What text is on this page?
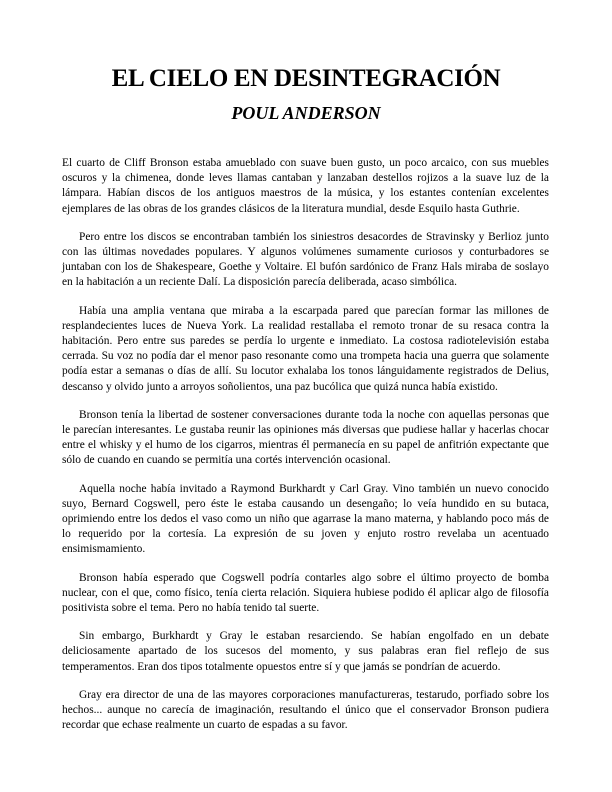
EL CIELO EN DESINTEGRACIÓN
POUL ANDERSON

El cuarto de Cliff Bronson estaba amueblado con suave buen gusto, un poco arcaico, con sus muebles oscuros y la chimenea, donde leves llamas cantaban y lanzaban destellos rojizos a la suave luz de la lámpara. Habían discos de los antiguos maestros de la música, y los estantes contenían excelentes ejemplares de las obras de los grandes clásicos de la literatura mundial, desde Esquilo hasta Guthrie.

Pero entre los discos se encontraban también los siniestros desacordes de Stravinsky y Berlioz junto con las últimas novedades populares. Y algunos volúmenes sumamente curiosos y conturbadores se juntaban con los de Shakespeare, Goethe y Voltaire. El bufón sardónico de Franz Hals miraba de soslayo en la habitación a un reciente Dalí. La disposición parecía deliberada, acaso simbólica.

Había una amplia ventana que miraba a la escarpada pared que parecían formar las millones de resplandecientes luces de Nueva York. La realidad restallaba el remoto tronar de su resaca contra la habitación. Pero entre sus paredes se perdía lo urgente e inmediato. La costosa radiotelevisión estaba cerrada. Su voz no podía dar el menor paso resonante como una trompeta hacia una guerra que solamente podía estar a semanas o días de allí. Su locutor exhalaba los tonos lánguidamente registrados de Delius, descanso y olvido junto a arroyos soñolientos, una paz bucólica que quizá nunca había existido.

Bronson tenía la libertad de sostener conversaciones durante toda la noche con aquellas personas que le parecían interesantes. Le gustaba reunir las opiniones más diversas que pudiese hallar y hacerlas chocar entre el whisky y el humo de los cigarros, mientras él permanecía en su papel de anfitrión expectante que sólo de cuando en cuando se permitía una cortés intervención ocasional.

Aquella noche había invitado a Raymond Burkhardt y Carl Gray. Vino también un nuevo conocido suyo, Bernard Cogswell, pero éste le estaba causando un desengaño; lo veía hundido en su butaca, oprimiendo entre los dedos el vaso como un niño que agarrase la mano materna, y hablando poco más de lo requerido por la cortesía. La expresión de su joven y enjuto rostro revelaba un acentuado ensimismamiento.

Bronson había esperado que Cogswell podría contarles algo sobre el último proyecto de bomba nuclear, con el que, como físico, tenía cierta relación. Siquiera hubiese podido él aplicar algo de filosofía positivista sobre el tema. Pero no había tenido tal suerte.

Sin embargo, Burkhardt y Gray le estaban resarciendo. Se habían engolfado en un debate deliciosamente apartado de los sucesos del momento, y sus palabras eran fiel reflejo de sus temperamentos. Eran dos tipos totalmente opuestos entre sí y que jamás se pondrían de acuerdo.

Gray era director de una de las mayores corporaciones manufactureras, testarudo, porfiado sobre los hechos... aunque no carecía de imaginación, resultando el único que el conservador Bronson pudiera recordar que echase realmente un cuarto de espadas a su favor.
